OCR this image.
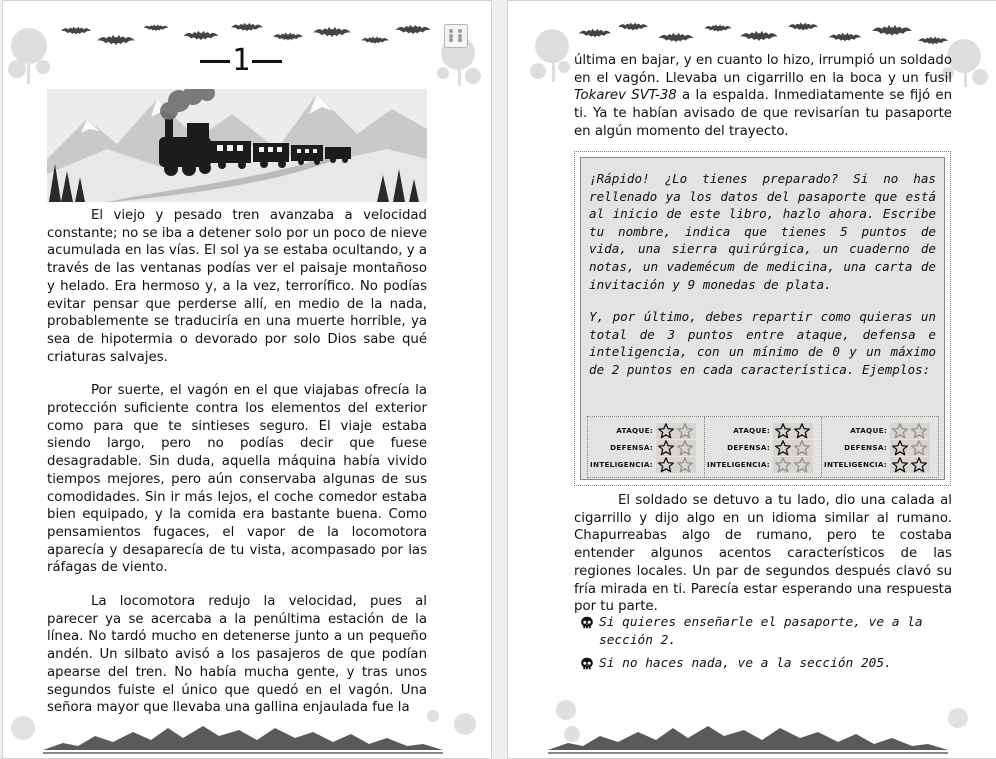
1

El viejo y pesado tren avanzaba a velocidad constante; no se iba a detener solo por un poco de nieve acumulada en las vías. El sol ya se estaba ocultando, y a través de las ventanas podías ver el paisaje montañoso y helado. Era hermoso y, a la vez, terrorífico. No podías evitar pensar que perderse allí, en medio de la nada, probablemente se traduciría en una muerte horrible, ya sea de hipotermia o devorado por solo Dios sabe qué criaturas salvajes.

Por suerte, el vagón en el que viajabas ofrecía la protección suficiente contra los elementos del exterior como para que te sintieses seguro. El viaje estaba siendo largo, pero no podías decir que fuese desagradable. Sin duda, aquella máquina había vivido tiempos mejores, pero aún conservaba algunas de sus comodidades. Sin ir más lejos, el coche comedor estaba bien equipado, y la comida era bastante buena. Como pensamientos fugaces, el vapor de la locomotora aparecía y desaparecía de tu vista, acompasado por las ráfagas de viento.

La locomotora redujo la velocidad, pues al parecer ya se acercaba a la penúltima estación de la línea. No tardó mucho en detenerse junto a un pequeño andén. Un silbato avisó a los pasajeros de que podían apearse del tren. No había mucha gente, y tras unos segundos fuiste el único que quedó en el vagón. Una señora mayor que llevaba una gallina enjaulada fue la

última en bajar, y en cuanto lo hizo, irrumpió un soldado en el vagón. Llevaba un cigarrillo en la boca y un fusil Tokarev SVT-38 a la espalda. Inmediatamente se fijó en ti. Ya te habían avisado de que revisarían tu pasaporte en algún momento del trayecto.

¡Rápido! ¿Lo tienes preparado? Si no has rellenado ya los datos del pasaporte que está al inicio de este libro, hazlo ahora. Escribe tu nombre, indica que tienes 5 puntos de vida, una sierra quirúrgica, un cuaderno de notas, un vademécum de medicina, una carta de invitación y 9 monedas de plata.

Y, por último, debes repartir como quieras un total de 3 puntos entre ataque, defensa e inteligencia, con un mínimo de 0 y un máximo de 2 puntos en cada característica. Ejemplos:

ATAQUE:
DEFENSA:
INTELIGENCIA:
ATAQUE:
DEFENSA:
INTELIGENCIA:
ATAQUE:
DEFENSA:
INTELIGENCIA:

El soldado se detuvo a tu lado, dio una calada al cigarrillo y dijo algo en un idioma similar al rumano. Chapurreabas algo de rumano, pero te costaba entender algunos acentos característicos de las regiones locales. Un par de segundos después clavó su fría mirada en ti. Parecía estar esperando una respuesta por tu parte.

Si quieres enseñarle el pasaporte, ve a la sección 2.
Si no haces nada, ve a la sección 205.
